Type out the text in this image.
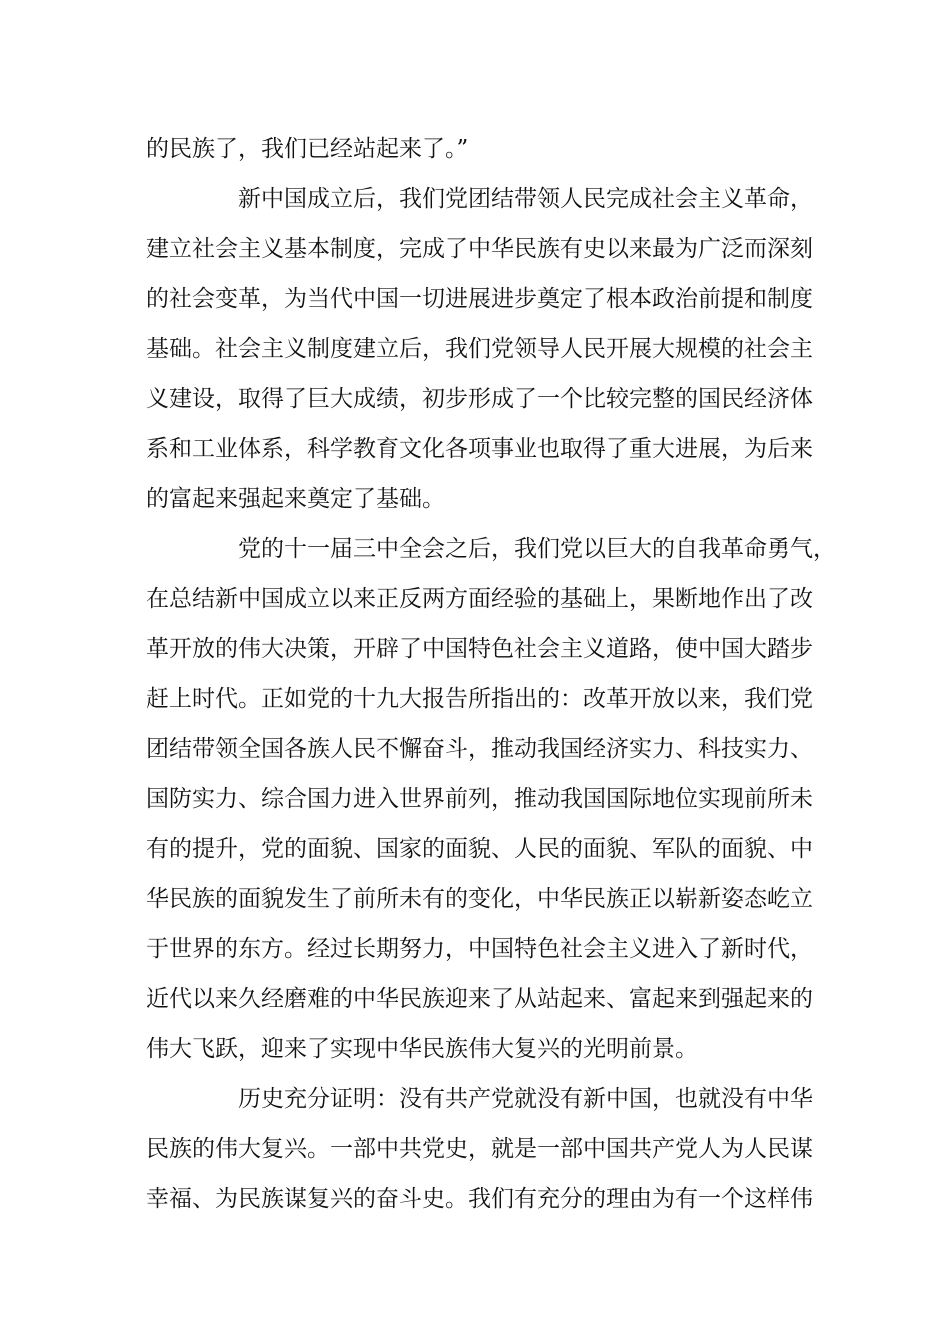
的民族了，我们已经站起来了。”
新中国成立后，我们党团结带领人民完成社会主义革命，
建立社会主义基本制度，完成了中华民族有史以来最为广泛而深刻
的社会变革，为当代中国一切进展进步奠定了根本政治前提和制度
基础。社会主义制度建立后，我们党领导人民开展大规模的社会主
义建设，取得了巨大成绩，初步形成了一个比较完整的国民经济体
系和工业体系，科学教育文化各项事业也取得了重大进展，为后来
的富起来强起来奠定了基础。
党的十一届三中全会之后，我们党以巨大的自我革命勇气，
在总结新中国成立以来正反两方面经验的基础上，果断地作出了改
革开放的伟大决策，开辟了中国特色社会主义道路，使中国大踏步
赶上时代。正如党的十九大报告所指出的：改革开放以来，我们党
团结带领全国各族人民不懈奋斗，推动我国经济实力、科技实力、
国防实力、综合国力进入世界前列，推动我国国际地位实现前所未
有的提升，党的面貌、国家的面貌、人民的面貌、军队的面貌、中
华民族的面貌发生了前所未有的变化，中华民族正以崭新姿态屹立
于世界的东方。经过长期努力，中国特色社会主义进入了新时代，
近代以来久经磨难的中华民族迎来了从站起来、富起来到强起来的
伟大飞跃，迎来了实现中华民族伟大复兴的光明前景。
历史充分证明：没有共产党就没有新中国，也就没有中华
民族的伟大复兴。一部中共党史，就是一部中国共产党人为人民谋
幸福、为民族谋复兴的奋斗史。我们有充分的理由为有一个这样伟
